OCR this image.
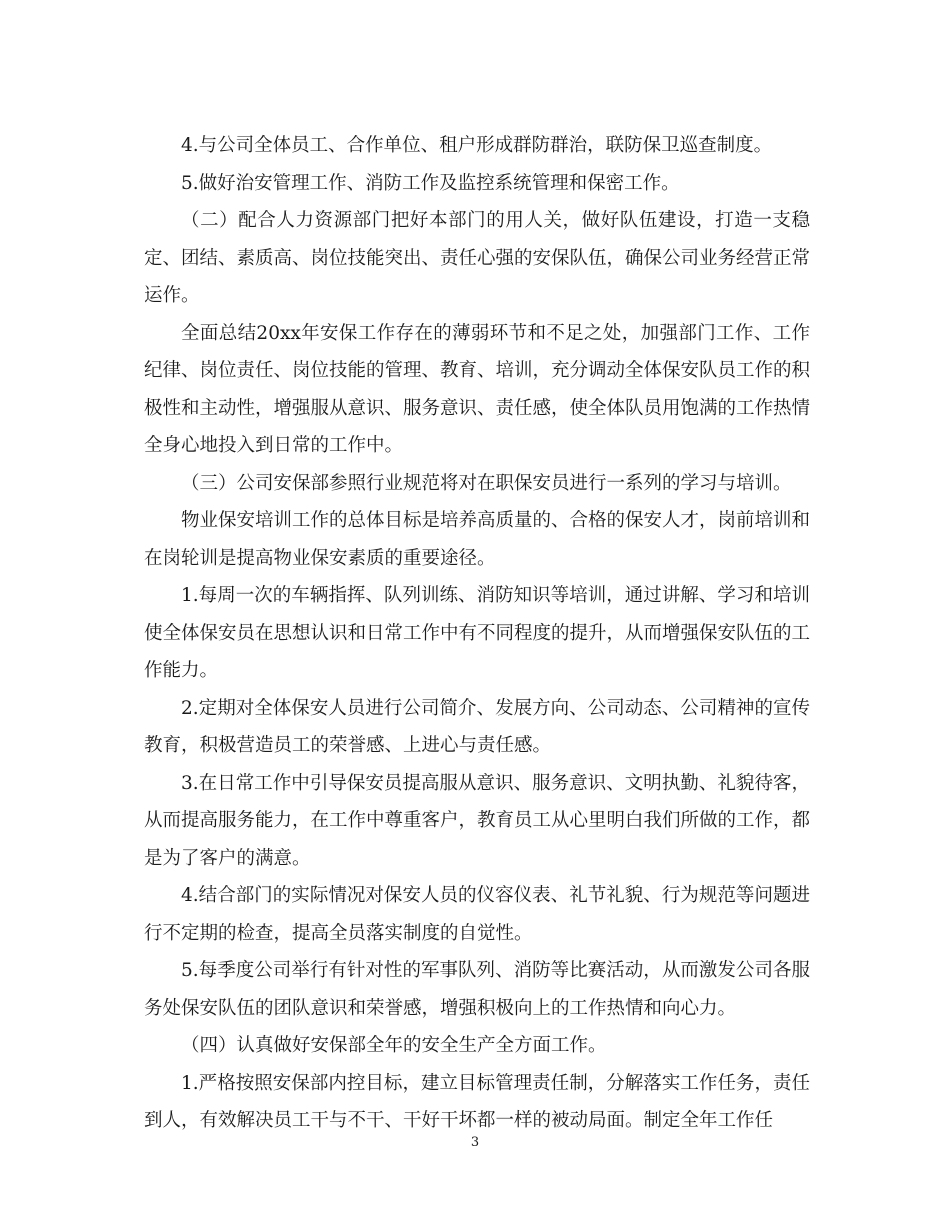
4.与公司全体员工、合作单位、租户形成群防群治，联防保卫巡查制度。

5.做好治安管理工作、消防工作及监控系统管理和保密工作。

（二）配合人力资源部门把好本部门的用人关，做好队伍建设，打造一支稳定、团结、素质高、岗位技能突出、责任心强的安保队伍，确保公司业务经营正常运作。

全面总结20xx年安保工作存在的薄弱环节和不足之处，加强部门工作、工作纪律、岗位责任、岗位技能的管理、教育、培训，充分调动全体保安队员工作的积极性和主动性，增强服从意识、服务意识、责任感，使全体队员用饱满的工作热情全身心地投入到日常的工作中。

（三）公司安保部参照行业规范将对在职保安员进行一系列的学习与培训。

物业保安培训工作的总体目标是培养高质量的、合格的保安人才，岗前培训和在岗轮训是提高物业保安素质的重要途径。

1.每周一次的车辆指挥、队列训练、消防知识等培训，通过讲解、学习和培训使全体保安员在思想认识和日常工作中有不同程度的提升，从而增强保安队伍的工作能力。

2.定期对全体保安人员进行公司简介、发展方向、公司动态、公司精神的宣传教育，积极营造员工的荣誉感、上进心与责任感。

3.在日常工作中引导保安员提高服从意识、服务意识、文明执勤、礼貌待客，从而提高服务能力，在工作中尊重客户，教育员工从心里明白我们所做的工作，都是为了客户的满意。

4.结合部门的实际情况对保安人员的仪容仪表、礼节礼貌、行为规范等问题进行不定期的检查，提高全员落实制度的自觉性。

5.每季度公司举行有针对性的军事队列、消防等比赛活动，从而激发公司各服务处保安队伍的团队意识和荣誉感，增强积极向上的工作热情和向心力。

（四）认真做好安保部全年的安全生产全方面工作。

1.严格按照安保部内控目标，建立目标管理责任制，分解落实工作任务，责任到人，有效解决员工干与不干、干好干坏都一样的被动局面。制定全年工作任

3
